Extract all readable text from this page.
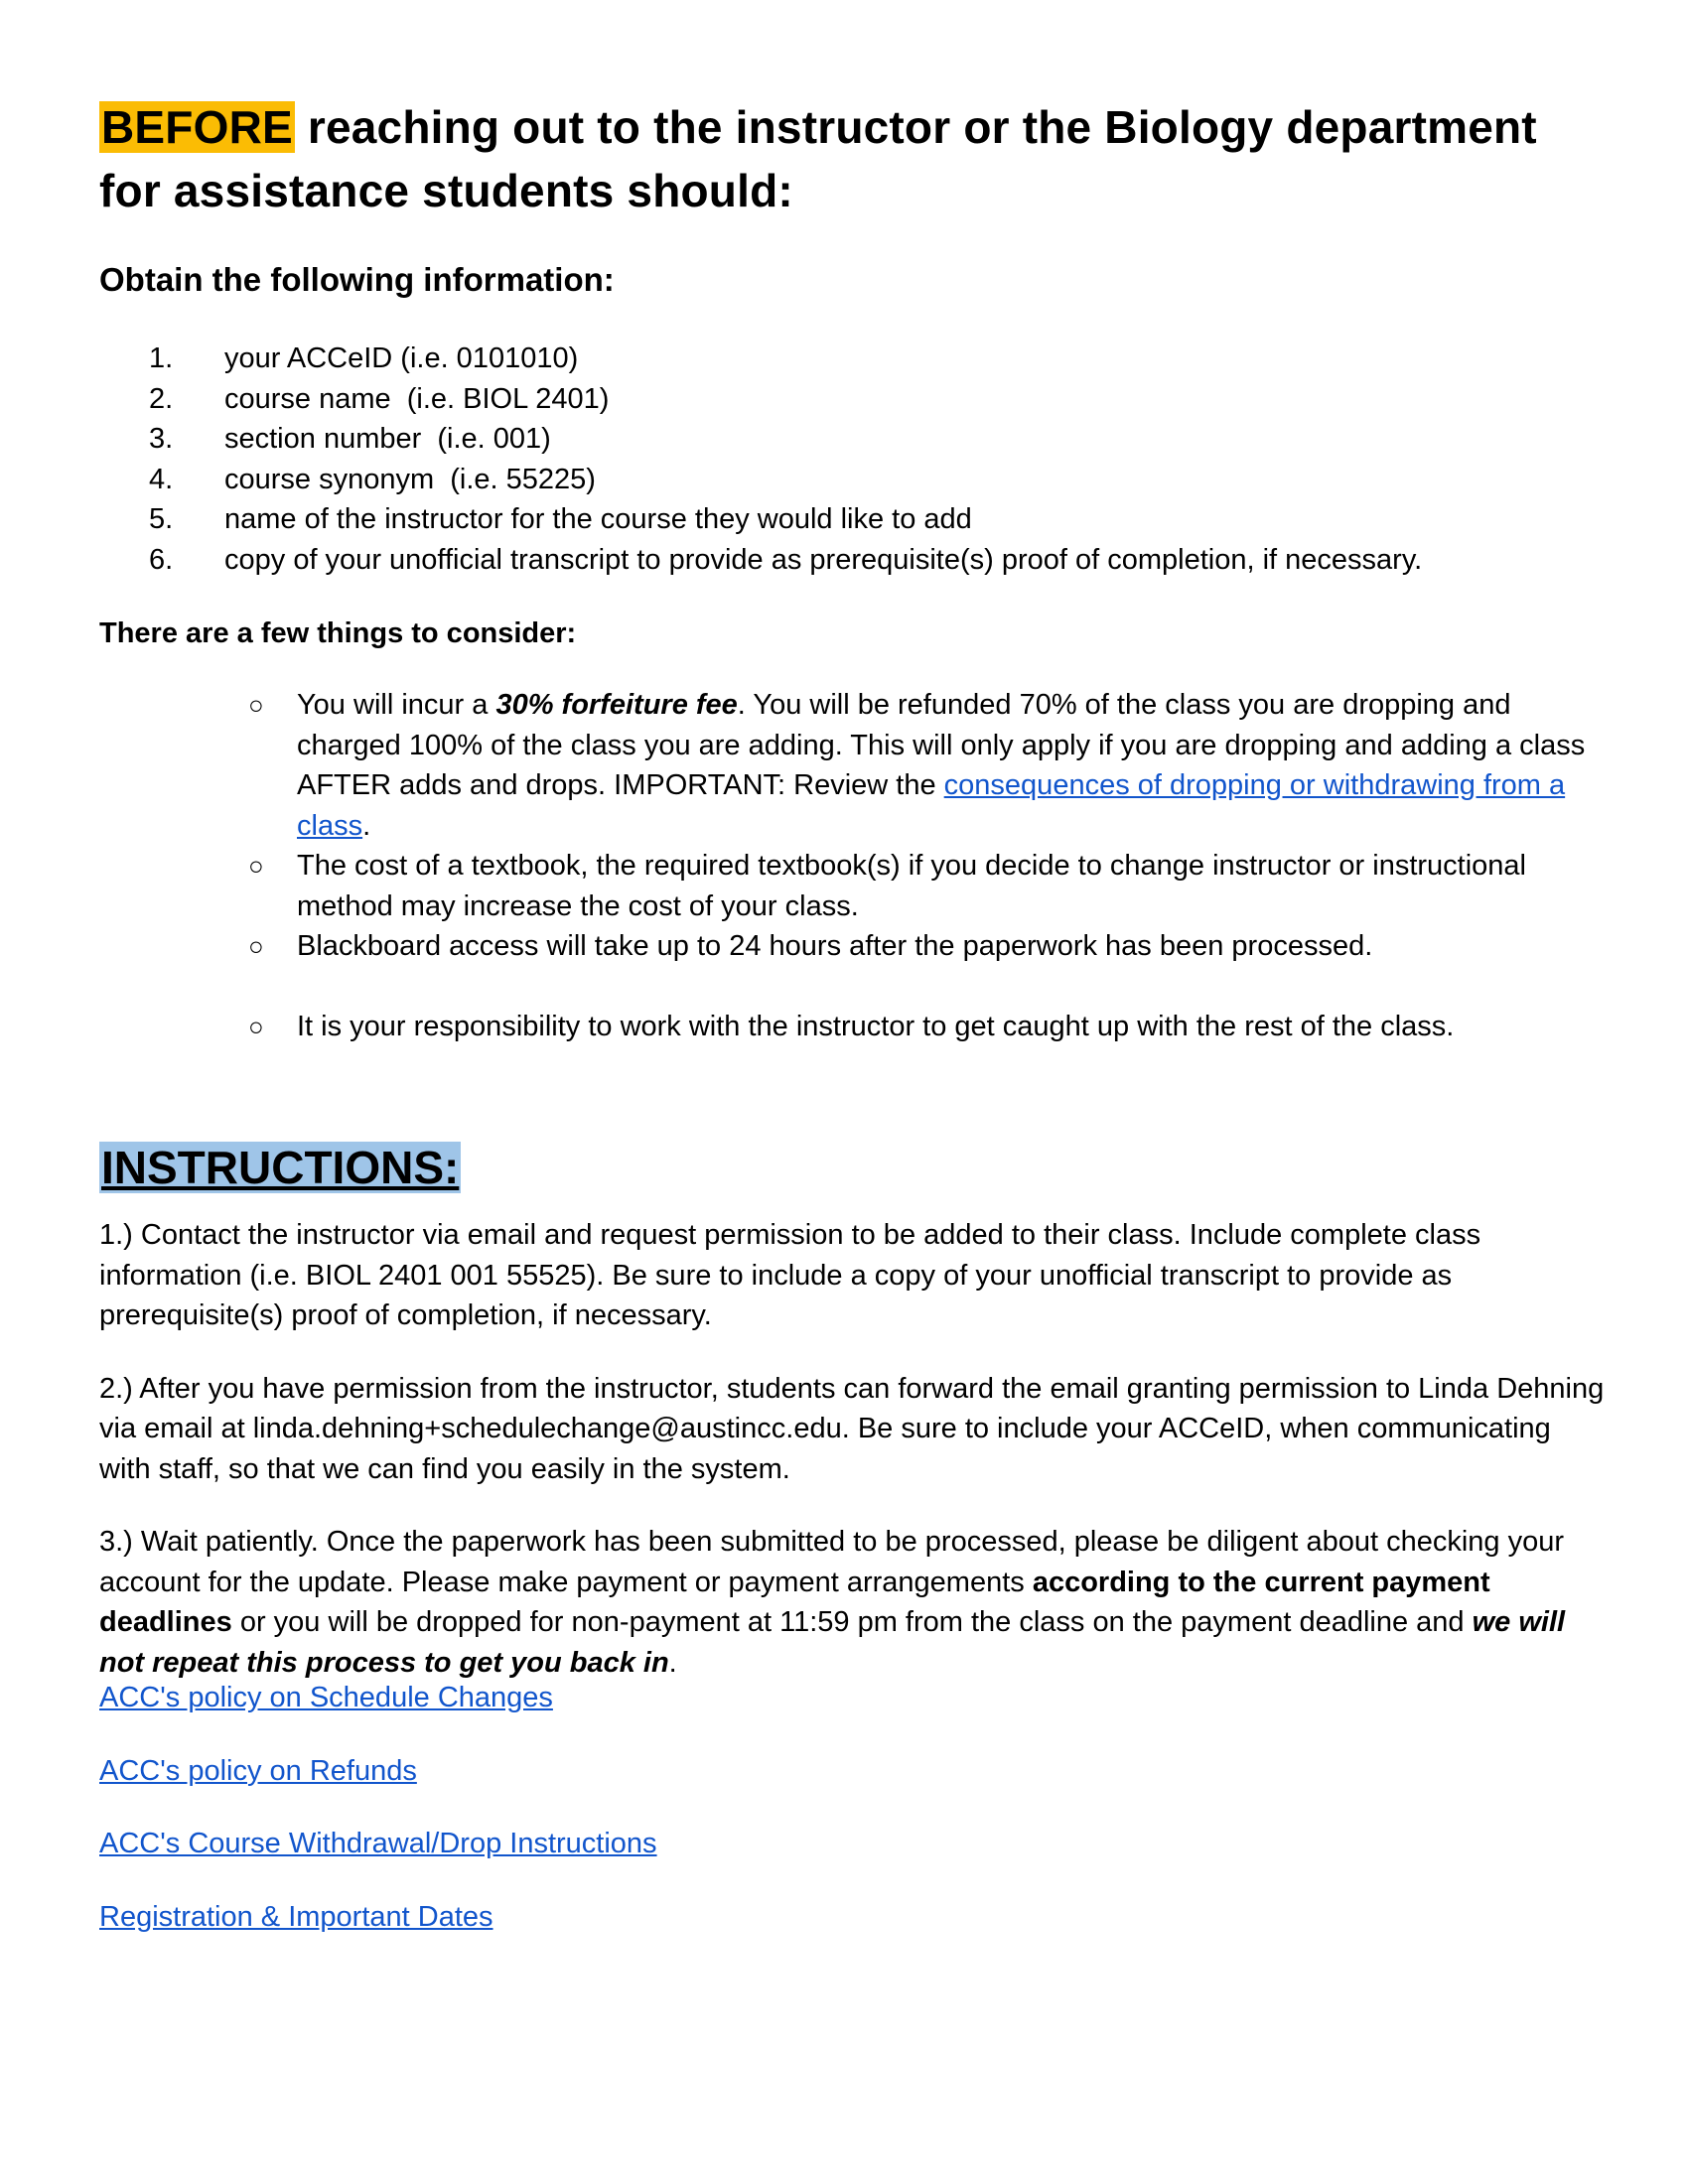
BEFORE reaching out to the instructor or the Biology department for assistance students should:
Obtain the following information:
1. your ACCeID (i.e. 0101010)
2. course name  (i.e. BIOL 2401)
3. section number  (i.e. 001)
4. course synonym  (i.e. 55225)
5. name of the instructor for the course they would like to add
6. copy of your unofficial transcript to provide as prerequisite(s) proof of completion, if necessary.

There are a few things to consider:

○ You will incur a 30% forfeiture fee. You will be refunded 70% of the class you are dropping and charged 100% of the class you are adding. This will only apply if you are dropping and adding a class AFTER adds and drops. IMPORTANT: Review the consequences of dropping or withdrawing from a class.
○ The cost of a textbook, the required textbook(s) if you decide to change instructor or instructional method may increase the cost of your class.
○ Blackboard access will take up to 24 hours after the paperwork has been processed.
○ It is your responsibility to work with the instructor to get caught up with the rest of the class.
INSTRUCTIONS:

1.) Contact the instructor via email and request permission to be added to their class. Include complete class information (i.e. BIOL 2401 001 55525). Be sure to include a copy of your unofficial transcript to provide as prerequisite(s) proof of completion, if necessary.

2.) After you have permission from the instructor, students can forward the email granting permission to Linda Dehning via email at linda.dehning+schedulechange@austincc.edu. Be sure to include your ACCeID, when communicating with staff, so that we can find you easily in the system.

3.) Wait patiently. Once the paperwork has been submitted to be processed, please be diligent about checking your account for the update. Please make payment or payment arrangements according to the current payment deadlines or you will be dropped for non-payment at 11:59 pm from the class on the payment deadline and we will not repeat this process to get you back in.

ACC's policy on Schedule Changes

ACC's policy on Refunds

ACC's Course Withdrawal/Drop Instructions

Registration & Important Dates
